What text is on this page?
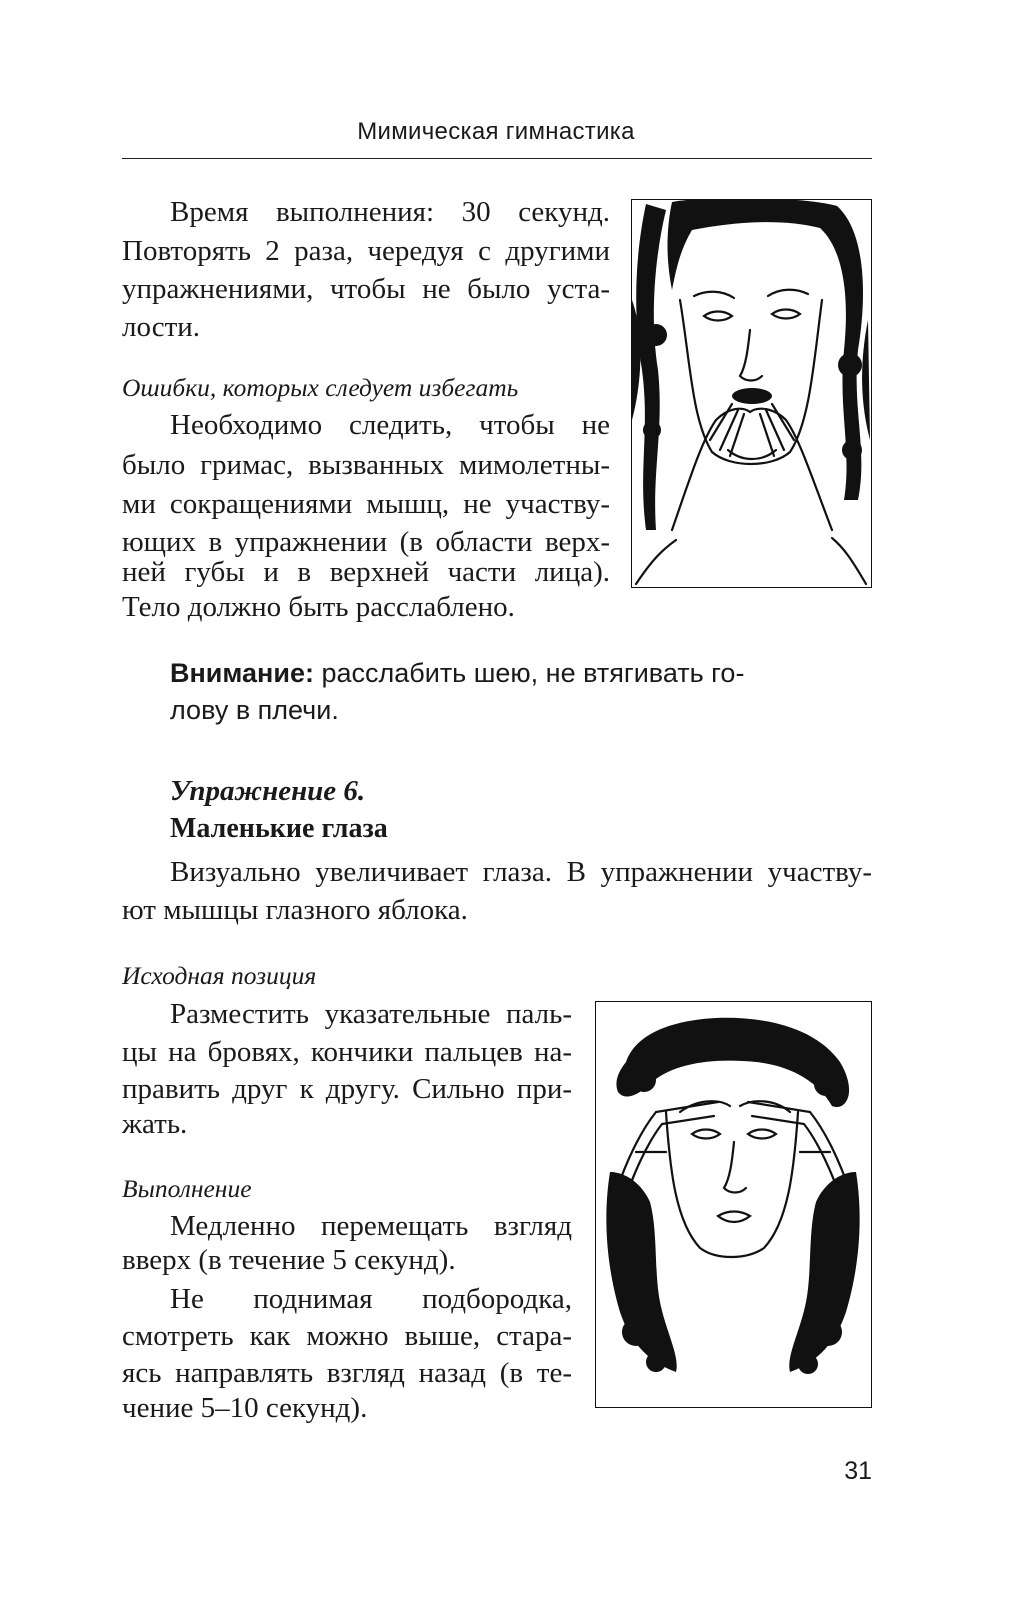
Мимическая гимнастика
Время выполнения: 30 секунд.
Повторять 2 раза, чередуя с другими
упражнениями, чтобы не было уста-
лости.
Ошибки, которых следует избегать
Необходимо следить, чтобы не
было гримас, вызванных мимолетны-
ми сокращениями мышц, не участву-
ющих в упражнении (в области верх-
ней губы и в верхней части лица).
Тело должно быть расслаблено.
Внимание: расслабить шею, не втягивать го-
лову в плечи.
Упражнение 6.
Маленькие глаза
Визуально увеличивает глаза. В упражнении участву-
ют мышцы глазного яблока.
Исходная позиция
Разместить указательные паль-
цы на бровях, кончики пальцев на-
править друг к другу. Сильно при-
жать.
Выполнение
Медленно перемещать взгляд
вверх (в течение 5 секунд).
Не поднимая подбородка,
смотреть как можно выше, стара-
ясь направлять взгляд назад (в те-
чение 5–10 секунд).
31
